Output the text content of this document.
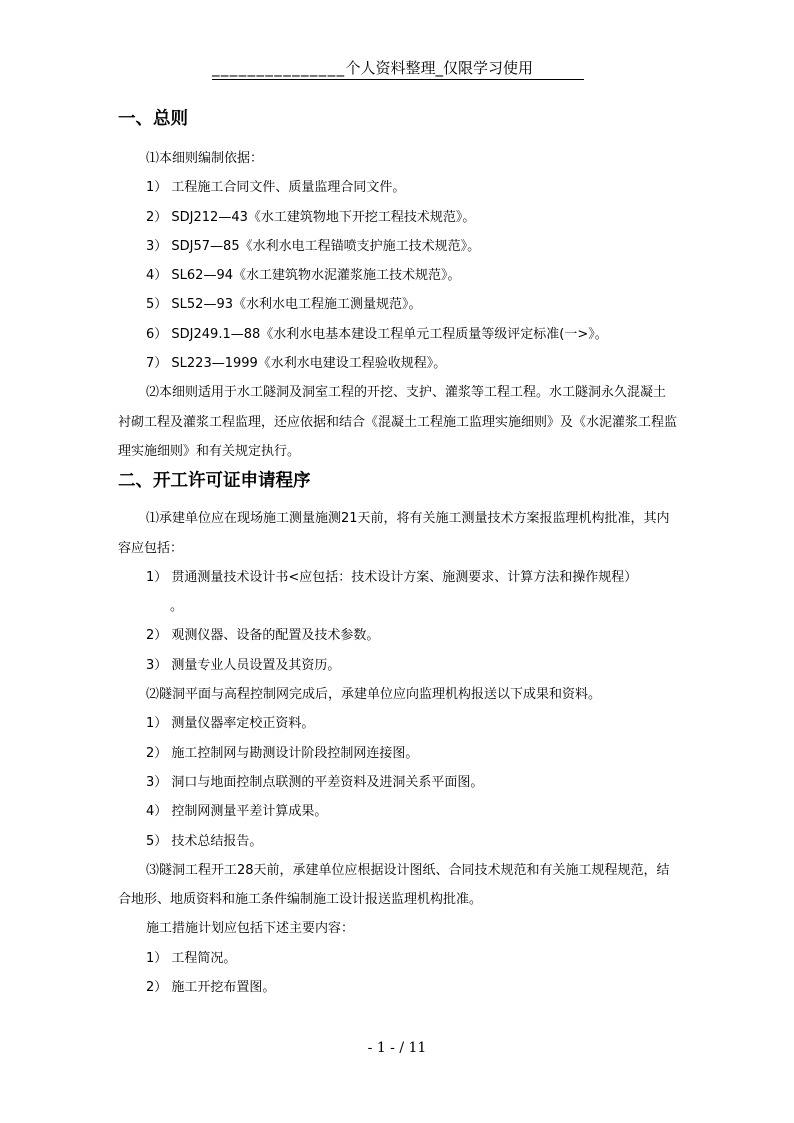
_______________个人资料整理_仅限学习使用
一、总则

⑴本细则编制依据：

1） 工程施工合同文件、质量监理合同文件。

2） SDJ212—43《水工建筑物地下开挖工程技术规范》。

3） SDJ57—85《水利水电工程锚喷支护施工技术规范》。

4） SL62—94《水工建筑物水泥灌浆施工技术规范》。

5） SL52—93《水利水电工程施工测量规范》。

6） SDJ249.1—88《水利水电基本建设工程单元工程质量等级评定标准(一>》。

7） SL223—1999《水利水电建设工程验收规程》。

⑵本细则适用于水工隧洞及洞室工程的开挖、支护、灌浆等工程工程。水工隧洞永久混凝土衬砌工程及灌浆工程监理，还应依据和结合《混凝土工程施工监理实施细则》及《水泥灌浆工程监理实施细则》和有关规定执行。

二、开工许可证申请程序

⑴承建单位应在现场施工测量施测21天前，将有关施工测量技术方案报监理机构批准，其内容应包括：

1） 贯通测量技术设计书<应包括：技术设计方案、施测要求、计算方法和操作规程）

。

2） 观测仪器、设备的配置及技术参数。

3） 测量专业人员设置及其资历。

⑵隧洞平面与高程控制网完成后，承建单位应向监理机构报送以下成果和资料。

1） 测量仪器率定校正资料。

2） 施工控制网与勘测设计阶段控制网连接图。

3） 洞口与地面控制点联测的平差资料及进洞关系平面图。

4） 控制网测量平差计算成果。

5） 技术总结报告。

⑶隧洞工程开工28天前，承建单位应根据设计图纸、合同技术规范和有关施工规程规范，结合地形、地质资料和施工条件编制施工设计报送监理机构批准。

施工措施计划应包括下述主要内容：

1） 工程简况。

2） 施工开挖布置图。

- 1 - / 11
